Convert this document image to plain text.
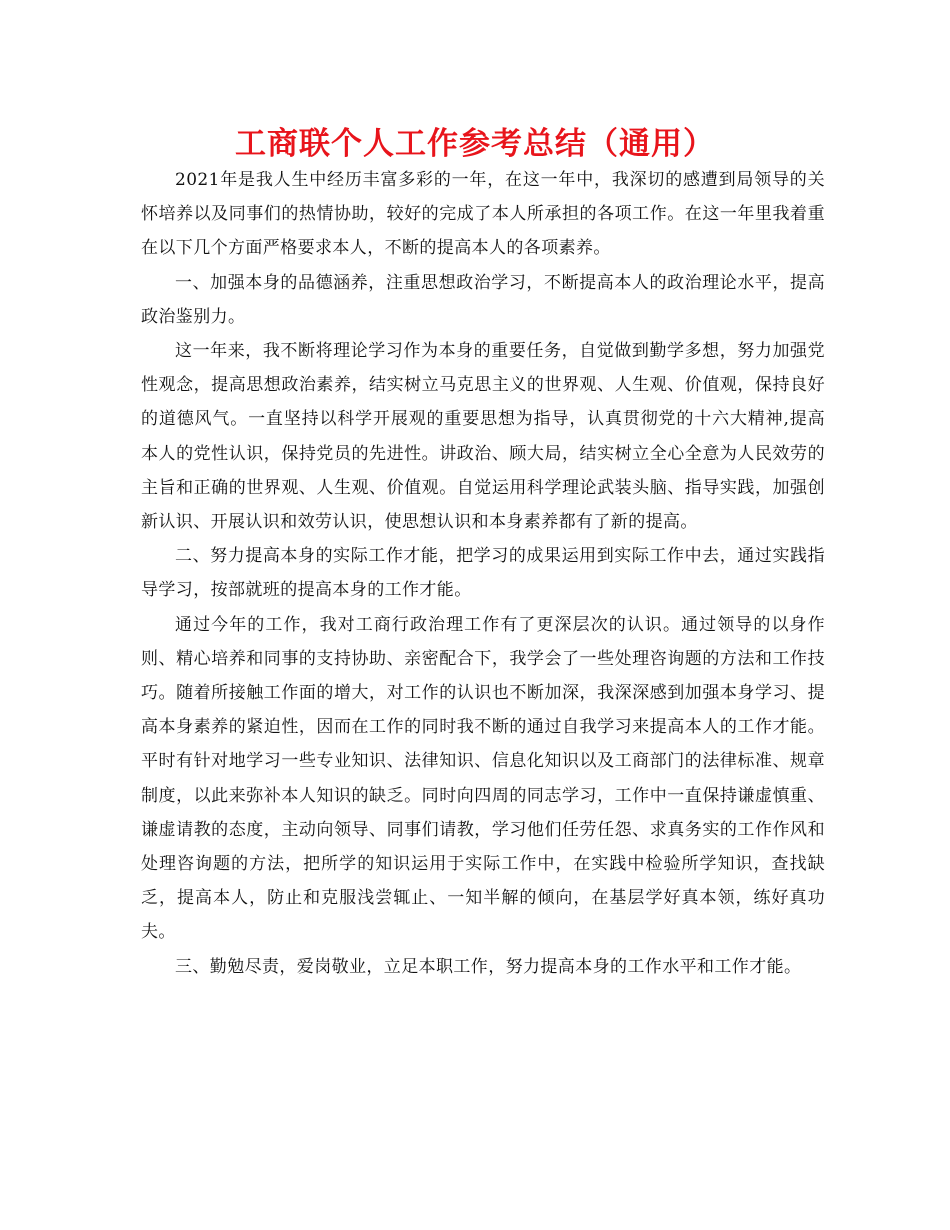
工商联个人工作参考总结（通用）

2021年是我人生中经历丰富多彩的一年，在这一年中，我深切的感遭到局领导的关怀培养以及同事们的热情协助，较好的完成了本人所承担的各项工作。在这一年里我着重在以下几个方面严格要求本人，不断的提高本人的各项素养。

一、加强本身的品德涵养，注重思想政治学习，不断提高本人的政治理论水平，提高政治鉴别力。

这一年来，我不断将理论学习作为本身的重要任务，自觉做到勤学多想，努力加强党性观念，提高思想政治素养，结实树立马克思主义的世界观、人生观、价值观，保持良好的道德风气。一直坚持以科学开展观的重要思想为指导，认真贯彻党的十六大精神,提高本人的党性认识，保持党员的先进性。讲政治、顾大局，结实树立全心全意为人民效劳的主旨和正确的世界观、人生观、价值观。自觉运用科学理论武装头脑、指导实践，加强创新认识、开展认识和效劳认识，使思想认识和本身素养都有了新的提高。

二、努力提高本身的实际工作才能，把学习的成果运用到实际工作中去，通过实践指导学习，按部就班的提高本身的工作才能。

通过今年的工作，我对工商行政治理工作有了更深层次的认识。通过领导的以身作则、精心培养和同事的支持协助、亲密配合下，我学会了一些处理咨询题的方法和工作技巧。随着所接触工作面的增大，对工作的认识也不断加深，我深深感到加强本身学习、提高本身素养的紧迫性，因而在工作的同时我不断的通过自我学习来提高本人的工作才能。平时有针对地学习一些专业知识、法律知识、信息化知识以及工商部门的法律标准、规章制度，以此来弥补本人知识的缺乏。同时向四周的同志学习，工作中一直保持谦虚慎重、谦虚请教的态度，主动向领导、同事们请教，学习他们任劳任怨、求真务实的工作作风和处理咨询题的方法，把所学的知识运用于实际工作中，在实践中检验所学知识，查找缺乏，提高本人，防止和克服浅尝辄止、一知半解的倾向，在基层学好真本领，练好真功夫。

三、勤勉尽责，爱岗敬业，立足本职工作，努力提高本身的工作水平和工作才能。
